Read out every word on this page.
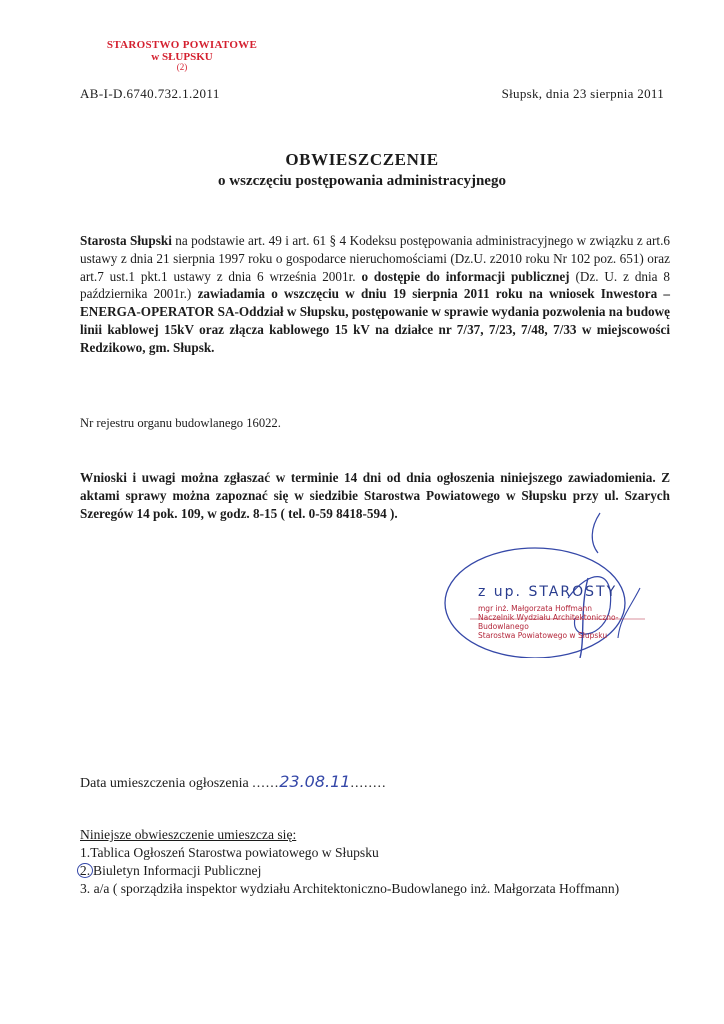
STAROSTWO POWIATOWE
w SŁUPSKU
(2)
AB-I-D.6740.732.1.2011	Słupsk, dnia 23 sierpnia 2011
OBWIESZCZENIE
o wszczęciu postępowania administracyjnego
Starosta Słupski na podstawie art. 49 i art. 61 § 4 Kodeksu postępowania administracyjnego w związku z art.6 ustawy z dnia 21 sierpnia 1997 roku o gospodarce nieruchomościami (Dz.U. z2010 roku Nr 102 poz. 651) oraz art.7 ust.1 pkt.1 ustawy z dnia 6 września 2001r. o dostępie do informacji publicznej (Dz. U. z dnia 8 października 2001r.) zawiadamia o wszczęciu w dniu 19 sierpnia 2011 roku na wniosek Inwestora – ENERGA-OPERATOR SA-Oddział w Słupsku, postępowanie w sprawie wydania pozwolenia na budowę linii kablowej 15kV oraz złącza kablowego 15 kV na działce nr 7/37, 7/23, 7/48, 7/33 w miejscowości Redzikowo, gm. Słupsk.
Nr rejestru organu budowlanego 16022.
Wnioski i uwagi można zgłaszać w terminie 14 dni od dnia ogłoszenia niniejszego zawiadomienia. Z aktami sprawy można zapoznać się w siedzibie Starostwa Powiatowego w Słupsku przy ul. Szarych Szeregów 14 pok. 109, w godz. 8-15 ( tel. 0-59 8418-594 ).
z up. STAROSTY
mgr inż. Małgorzata Hoffmann
Naczelnik Wydziału Architektoniczno-Budowlanego
Starostwa Powiatowego w Słupsku
Data umieszczenia ogłoszenia ......23.08.11........
Niniejsze obwieszczenie umieszcza się:
1.Tablica Ogłoszeń Starostwa powiatowego w Słupsku
2. Biuletyn Informacji Publicznej
3. a/a ( sporządziła inspektor wydziału Architektoniczno-Budowlanego inż. Małgorzata Hoffmann)
